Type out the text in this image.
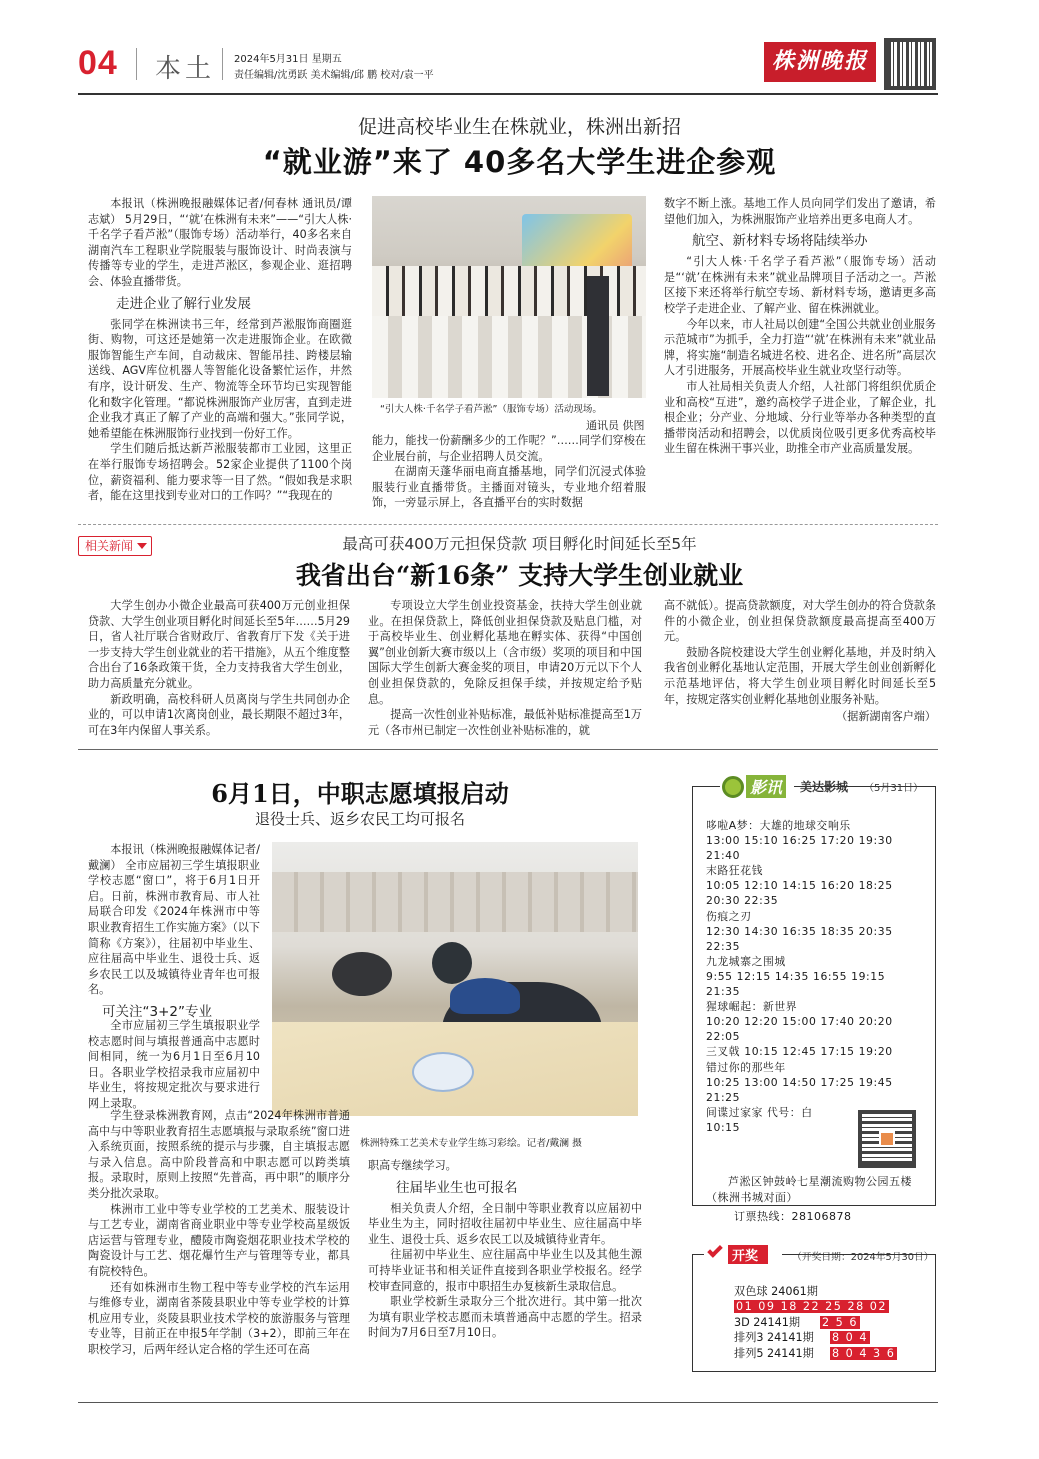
04 本土 2024年5月31日 星期五
责任编辑/沈勇跃 美术编辑/邱 鹏 校对/袁一平
株洲晚报
促进高校毕业生在株就业，株洲出新招
“就业游”来了 40多名大学生进企参观

本报讯（株洲晚报融媒体记者/何春林 通讯员/谭志斌） 5月29日，“‘就’在株洲有未来”——“引大人株·千名学子看芦淞”（服饰专场）活动举行，40多名来自湖南汽车工程职业学院服装与服饰设计、时尚表演与传播等专业的学生，走进芦淞区，参观企业、逛招聘会、体验直播带货。

走进企业了解行业发展

张同学在株洲读书三年，经常到芦淞服饰商圈逛街、购物，可这还是她第一次走进服饰企业。在欧微服饰智能生产车间，自动裁床、智能吊挂、跨楼层输送线、AGV库位机器人等智能化设备繁忙运作，井然有序，设计研发、生产、物流等全环节均已实现智能化和数字化管理。“都说株洲服饰产业厉害，直到走进企业我才真正了解了产业的高端和强大。”张同学说，她希望能在株洲服饰行业找到一份好工作。

学生们随后抵达新芦淞服装都市工业园，这里正在举行服饰专场招聘会。52家企业提供了1100个岗位，薪资福利、能力要求等一目了然。“假如我是求职者，能在这里找到专业对口的工作吗？”“我现在的

“引大人株·千名学子看芦淞”（服饰专场）活动现场。
通讯员 供图

能力，能找一份薪酬多少的工作呢？”……同学们穿梭在企业展台前，与企业招聘人员交流。

在湖南天蓬华丽电商直播基地，同学们沉浸式体验服装行业直播带货。主播面对镜头，专业地介绍着服饰，一旁显示屏上，各直播平台的实时数据

数字不断上涨。基地工作人员向同学们发出了邀请，希望他们加入，为株洲服饰产业培养出更多电商人才。

航空、新材料专场将陆续举办

“引大人株·千名学子看芦淞”（服饰专场）活动是“‘就’在株洲有未来”就业品牌项目子活动之一。芦淞区接下来还将举行航空专场、新材料专场，邀请更多高校学子走进企业、了解产业、留在株洲就业。

今年以来，市人社局以创建“全国公共就业创业服务示范城市”为抓手，全力打造“‘就’在株洲有未来”就业品牌，将实施“制造名城进名校、进名企、进名所”高层次人才引进服务，开展高校毕业生就业攻坚行动等。

市人社局相关负责人介绍，人社部门将组织优质企业和高校“互进”，邀约高校学子进企业，了解企业，扎根企业；分产业、分地域、分行业等举办各种类型的直播带岗活动和招聘会，以优质岗位吸引更多优秀高校毕业生留在株洲干事兴业，助推全市产业高质量发展。

相关新闻	最高可获400万元担保贷款 项目孵化时间延长至5年
我省出台“新16条” 支持大学生创业就业

大学生创办小微企业最高可获400万元创业担保贷款、大学生创业项目孵化时间延长至5年……5月29日，省人社厅联合省财政厅、省教育厅下发《关于进一步支持大学生创业就业的若干措施》，从五个维度整合出台了16条政策干货，全力支持我省大学生创业，助力高质量充分就业。

新政明确，高校科研人员离岗与学生共同创办企业的，可以申请1次离岗创业，最长期限不超过3年，可在3年内保留人事关系。

专项设立大学生创业投资基金，扶持大学生创业就业。在担保贷款上，降低创业担保贷款及贴息门槛，对于高校毕业生、创业孵化基地在孵实体、获得“中国创翼”创业创新大赛市级以上（含市级）奖项的项目和中国国际大学生创新大赛金奖的项目，申请20万元以下个人创业担保贷款的，免除反担保手续，并按规定给予贴息。

提高一次性创业补贴标准，最低补贴标准提高至1万元（各市州已制定一次性创业补贴标准的，就

高不就低）。提高贷款额度，对大学生创办的符合贷款条件的小微企业，创业担保贷款额度最高提高至400万元。

鼓励各院校建设大学生创业孵化基地，并及时纳入我省创业孵化基地认定范围，开展大学生创业创新孵化示范基地评估，将大学生创业项目孵化时间延长至5年，按规定落实创业孵化基地创业服务补贴。

（据新湖南客户端）
6月1日，中职志愿填报启动
退役士兵、返乡农民工均可报名

本报讯（株洲晚报融媒体记者/戴澜） 全市应届初三学生填报职业学校志愿“窗口”，将于6月1日开启。日前，株洲市教育局、市人社局联合印发《2024年株洲市中等职业教育招生工作实施方案》（以下简称《方案》），往届初中毕业生、应往届高中毕业生、退役士兵、返乡农民工以及城镇待业青年也可报名。

可关注“3+2”专业
株洲特殊工艺美术专业学生练习彩绘。记者/戴澜 摄

全市应届初三学生填报职业学校志愿时间与填报普通高中志愿时间相同，统一为6月1日至6月10日。各职业学校招录我市应届初中毕业生，将按规定批次与要求进行网上录取。

学生登录株洲教育网，点击“2024年株洲市普通高中与中等职业教育招生志愿填报与录取系统”窗口进入系统页面，按照系统的提示与步骤，自主填报志愿与录入信息。高中阶段普高和中职志愿可以跨类填报。录取时，原则上按照“先普高，再中职”的顺序分类分批次录取。

株洲市工业中等专业学校的工艺美术、服装设计与工艺专业，湖南省商业职业中等专业学校高星级饭店运营与管理专业，醴陵市陶瓷烟花职业技术学校的陶瓷设计与工艺、烟花爆竹生产与管理等专业，都具有院校特色。

还有如株洲市生物工程中等专业学校的汽车运用与维修专业，湖南省茶陵县职业中等专业学校的计算机应用专业，炎陵县职业技术学校的旅游服务与管理专业等，目前正在申报5年学制（3+2），即前三年在职校学习，后两年经认定合格的学生还可在高

职高专继续学习。

往届毕业生也可报名

相关负责人介绍，全日制中等职业教育以应届初中毕业生为主，同时招收往届初中毕业生、应往届高中毕业生、退役士兵、返乡农民工以及城镇待业青年。

往届初中毕业生、应往届高中毕业生以及其他生源可持毕业证书和相关证件直接到各职业学校报名。经学校审查同意的，报市中职招生办复核新生录取信息。

职业学校新生录取分三个批次进行。其中第一批次为填有职业学校志愿而未填普通高中志愿的学生。招录时间为7月6日至7月10日。

影讯	美达影城 （5月31日）
哆啦A梦：大雄的地球交响乐
13:00 15:10 16:25 17:20 19:30
21:40
末路狂花钱
10:05 12:10 14:15 16:20 18:25
20:30 22:35
伤痕之刃
12:30 14:30 16:35 18:35 20:35
22:35
九龙城寨之围城
9:55 12:15 14:35 16:55 19:15
21:35
猩球崛起：新世界
10:20 12:20 15:00 17:40 20:20
22:05
三叉戟 10:15 12:45 17:15 19:20
错过你的那些年
10:25 13:00 14:50 17:25 19:45
21:25
间谍过家家 代号：白
10:15
芦淞区钟鼓岭七星潮流购物公园五楼（株洲书城对面）
订票热线：28106878
开奖	（开奖日期：2024年5月30日）
双色球 24061期
01 09 18 22 25 28 02
3D 24141期 2 5 6
排列3 24141期 8 0 4
排列5 24141期 8 0 4 3 6
